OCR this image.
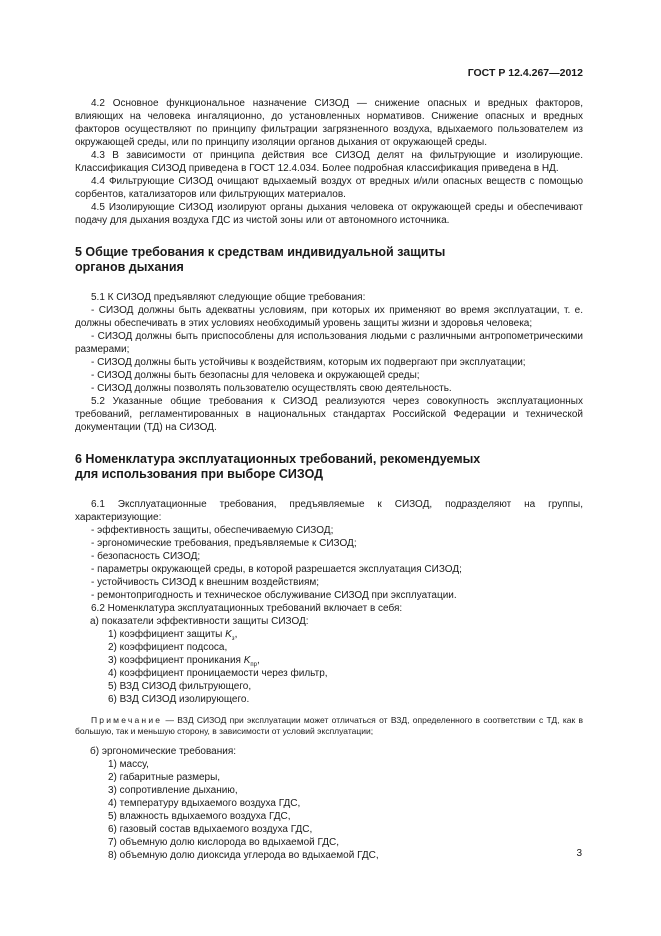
ГОСТ Р 12.4.267—2012

4.2 Основное функциональное назначение СИЗОД — снижение опасных и вредных факторов, влияющих на человека ингаляционно, до установленных нормативов. Снижение опасных и вредных факторов осуществляют по принципу фильтрации загрязненного воздуха, вдыхаемого пользователем из окружающей среды, или по принципу изоляции органов дыхания от окружающей среды.

4.3 В зависимости от принципа действия все СИЗОД делят на фильтрующие и изолирующие. Классификация СИЗОД приведена в ГОСТ 12.4.034. Более подробная классификация приведена в НД.

4.4 Фильтрующие СИЗОД очищают вдыхаемый воздух от вредных и/или опасных веществ с помощью сорбентов, катализаторов или фильтрующих материалов.

4.5 Изолирующие СИЗОД изолируют органы дыхания человека от окружающей среды и обеспечивают подачу для дыхания воздуха ГДС из чистой зоны или от автономного источника.

5 Общие требования к средствам индивидуальной защиты
органов дыхания

5.1 К СИЗОД предъявляют следующие общие требования:

- СИЗОД должны быть адекватны условиям, при которых их применяют во время эксплуатации, т. е. должны обеспечивать в этих условиях необходимый уровень защиты жизни и здоровья человека;

- СИЗОД должны быть приспособлены для использования людьми с различными антропометрическими размерами;

- СИЗОД должны быть устойчивы к воздействиям, которым их подвергают при эксплуатации;

- СИЗОД должны быть безопасны для человека и окружающей среды;

- СИЗОД должны позволять пользователю осуществлять свою деятельность.

5.2 Указанные общие требования к СИЗОД реализуются через совокупность эксплуатационных требований, регламентированных в национальных стандартах Российской Федерации и технической документации (ТД) на СИЗОД.

6 Номенклатура эксплуатационных требований, рекомендуемых
для использования при выборе СИЗОД

6.1 Эксплуатационные требования, предъявляемые к СИЗОД, подразделяют на группы, характеризующие:

- эффективность защиты, обеспечиваемую СИЗОД;

- эргономические требования, предъявляемые к СИЗОД;

- безопасность СИЗОД;

- параметры окружающей среды, в которой разрешается эксплуатация СИЗОД;

- устойчивость СИЗОД к внешним воздействиям;

- ремонтопригодность и техническое обслуживание СИЗОД при эксплуатации.

6.2 Номенклатура эксплуатационных требований включает в себя:

а) показатели эффективности защиты СИЗОД:

1) коэффициент защиты $K_з$,

2) коэффициент подсоса,

3) коэффициент проникания $K_{пр}$,

4) коэффициент проницаемости через фильтр,

5) ВЗД СИЗОД фильтрующего,

6) ВЗД СИЗОД изолирующего.

Примечание — ВЗД СИЗОД при эксплуатации может отличаться от ВЗД, определенного в соответствии с ТД, как в большую, так и меньшую сторону, в зависимости от условий эксплуатации;

б) эргономические требования:

1) массу,

2) габаритные размеры,

3) сопротивление дыханию,

4) температуру вдыхаемого воздуха ГДС,

5) влажность вдыхаемого воздуха ГДС,

6) газовый состав вдыхаемого воздуха ГДС,

7) объемную долю кислорода во вдыхаемой ГДС,

8) объемную долю диоксида углерода во вдыхаемой ГДС,	3
